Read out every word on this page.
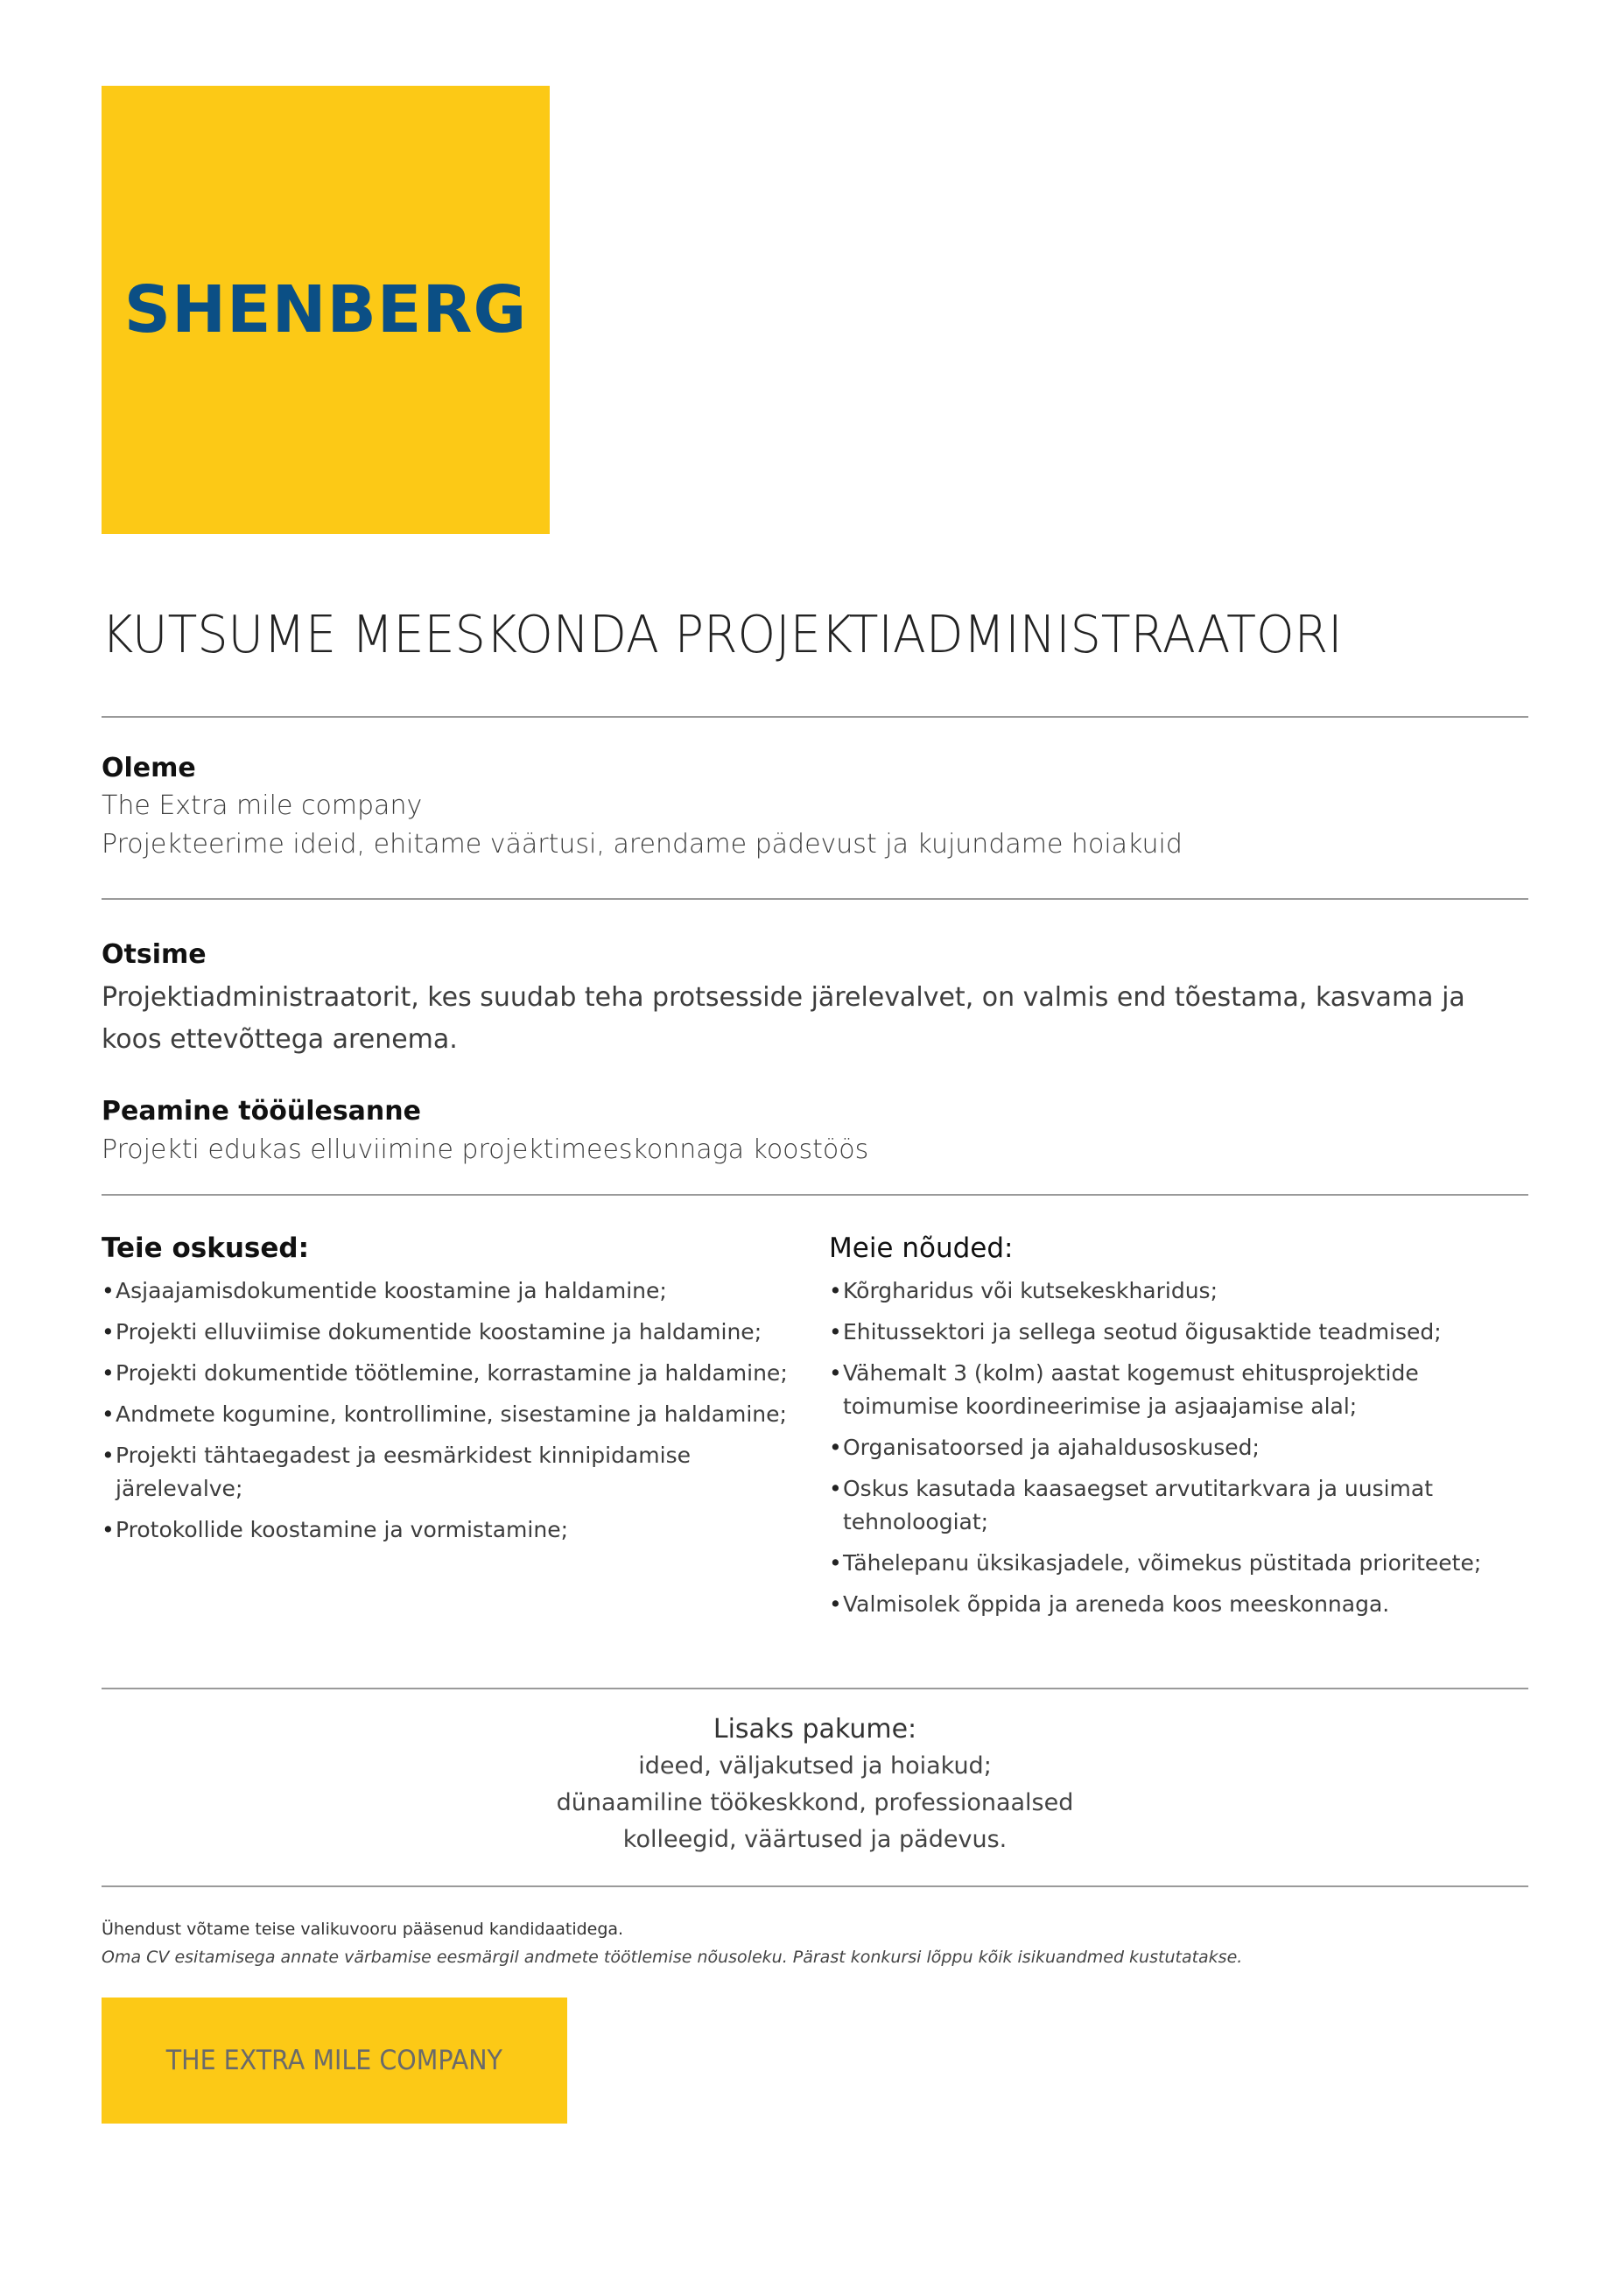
SHENBERG
KUTSUME MEESKONDA PROJEKTIADMINISTRAATORI
Oleme
The Extra mile company
Projekteerime ideid, ehitame väärtusi, arendame pädevust ja kujundame hoiakuid
Otsime
Projektiadministraatorit, kes suudab teha protsesside järelevalvet, on valmis end tõestama, kasvama ja koos ettevõttega arenema.
Peamine tööülesanne
Projekti edukas elluviimine projektimeeskonnaga koostöös
Teie oskused:
• Asjaajamisdokumentide koostamine ja haldamine;
• Projekti elluviimise dokumentide koostamine ja haldamine;
• Projekti dokumentide töötlemine, korrastamine ja haldamine;
• Andmete kogumine, kontrollimine, sisestamine ja haldamine;
• Projekti tähtaegadest ja eesmärkidest kinnipidamise järelevalve;
• Protokollide koostamine ja vormistamine;
Meie nõuded:
• Kõrgharidus või kutsekeskharidus;
• Ehitussektori ja sellega seotud õigusaktide teadmised;
• Vähemalt 3 (kolm) aastat kogemust ehitusprojektide toimumise koordineerimise ja asjaajamise alal;
• Organisatoorsed ja ajahaldusoskused;
• Oskus kasutada kaasaegset arvutitarkvara ja uusimat tehnoloogiat;
• Tähelepanu üksikasjadele, võimekus püstitada prioriteete;
• Valmisolek õppida ja areneda koos meeskonnaga.
Lisaks pakume:
ideed, väljakutsed ja hoiakud;
dünaamiline töökeskkond, professionaalsed
kolleegid, väärtused ja pädevus.
Ühendust võtame teise valikuvooru pääsenud kandidaatidega.
Oma CV esitamisega annate värbamise eesmärgil andmete töötlemise nõusoleku. Pärast konkursi lõppu kõik isikuandmed kustutatakse.
THE EXTRA MILE COMPANY
